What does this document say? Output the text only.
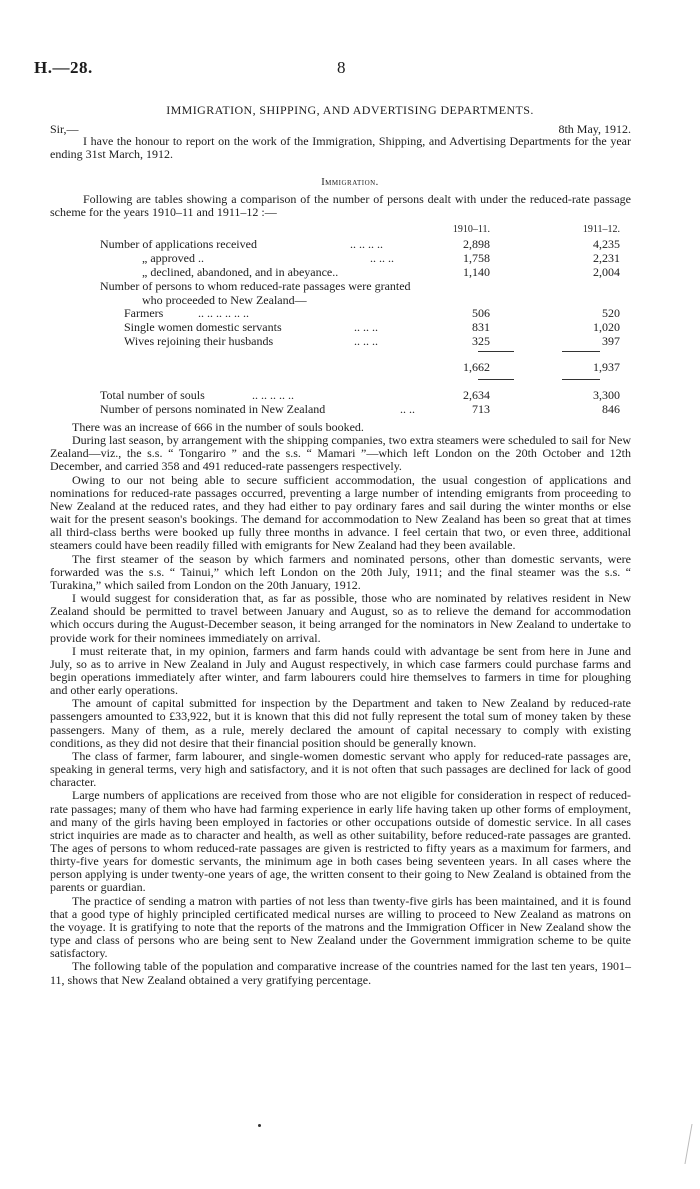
H.—28.	8
IMMIGRATION, SHIPPING, AND ADVERTISING DEPARTMENTS.
Sir,—	8th May, 1912.

I have the honour to report on the work of the Immigration, Shipping, and Advertising Departments for the year ending 31st March, 1912.

Immigration.

Following are tables showing a comparison of the number of persons dealt with under the reduced-rate passage scheme for the years 1910–11 and 1911–12 :—

1910–11.	1911–12.
Number of applications received	.. .. .. ..	2,898	4,235
„ approved ..	.. .. ..	1,758	2,231
„ declined, abandoned, and in abeyance..	1,140	2,004
Number of persons to whom reduced-rate passages were granted
who proceeded to New Zealand—
Farmers	.. .. .. .. .. ..	506	520
Single women domestic servants	.. .. ..	831	1,020
Wives rejoining their husbands	.. .. ..	325	397
1,662	1,937
Total number of souls	.. .. .. .. ..	2,634	3,300
Number of persons nominated in New Zealand	.. ..	713	846

There was an increase of 666 in the number of souls booked.

During last season, by arrangement with the shipping companies, two extra steamers were scheduled to sail for New Zealand—viz., the s.s. “ Tongariro ” and the s.s. “ Mamari ”—which left London on the 20th October and 12th December, and carried 358 and 491 reduced-rate passengers respectively.

Owing to our not being able to secure sufficient accommodation, the usual congestion of applications and nominations for reduced-rate passages occurred, preventing a large number of intending emigrants from proceeding to New Zealand at the reduced rates, and they had either to pay ordinary fares and sail during the winter months or else wait for the present season's bookings. The demand for accommodation to New Zealand has been so great that at times all third-class berths were booked up fully three months in advance. I feel certain that two, or even three, additional steamers could have been readily filled with emigrants for New Zealand had they been available.

The first steamer of the season by which farmers and nominated persons, other than domestic servants, were forwarded was the s.s. “ Tainui,” which left London on the 20th July, 1911; and the final steamer was the s.s. “ Turakina,” which sailed from London on the 20th January, 1912.

I would suggest for consideration that, as far as possible, those who are nominated by relatives resident in New Zealand should be permitted to travel between January and August, so as to relieve the demand for accommodation which occurs during the August-December season, it being arranged for the nominators in New Zealand to undertake to provide work for their nominees immediately on arrival.

I must reiterate that, in my opinion, farmers and farm hands could with advantage be sent from here in June and July, so as to arrive in New Zealand in July and August respectively, in which case farmers could purchase farms and begin operations immediately after winter, and farm labourers could hire themselves to farmers in time for ploughing and other early operations.

The amount of capital submitted for inspection by the Department and taken to New Zealand by reduced-rate passengers amounted to £33,922, but it is known that this did not fully represent the total sum of money taken by these passengers. Many of them, as a rule, merely declared the amount of capital necessary to comply with existing conditions, as they did not desire that their financial position should be generally known.

The class of farmer, farm labourer, and single-women domestic servant who apply for reduced-rate passages are, speaking in general terms, very high and satisfactory, and it is not often that such passages are declined for lack of good character.

Large numbers of applications are received from those who are not eligible for consideration in respect of reduced-rate passages; many of them who have had farming experience in early life having taken up other forms of employment, and many of the girls having been employed in factories or other occupations outside of domestic service. In all cases strict inquiries are made as to character and health, as well as other suitability, before reduced-rate passages are granted. The ages of persons to whom reduced-rate passages are given is restricted to fifty years as a maximum for farmers, and thirty-five years for domestic servants, the minimum age in both cases being seventeen years. In all cases where the person applying is under twenty-one years of age, the written consent to their going to New Zealand is obtained from the parents or guardian.

The practice of sending a matron with parties of not less than twenty-five girls has been maintained, and it is found that a good type of highly principled certificated medical nurses are willing to proceed to New Zealand as matrons on the voyage. It is gratifying to note that the reports of the matrons and the Immigration Officer in New Zealand show the type and class of persons who are being sent to New Zealand under the Government immigration scheme to be quite satisfactory.

The following table of the population and comparative increase of the countries named for the last ten years, 1901–11, shows that New Zealand obtained a very gratifying percentage.
